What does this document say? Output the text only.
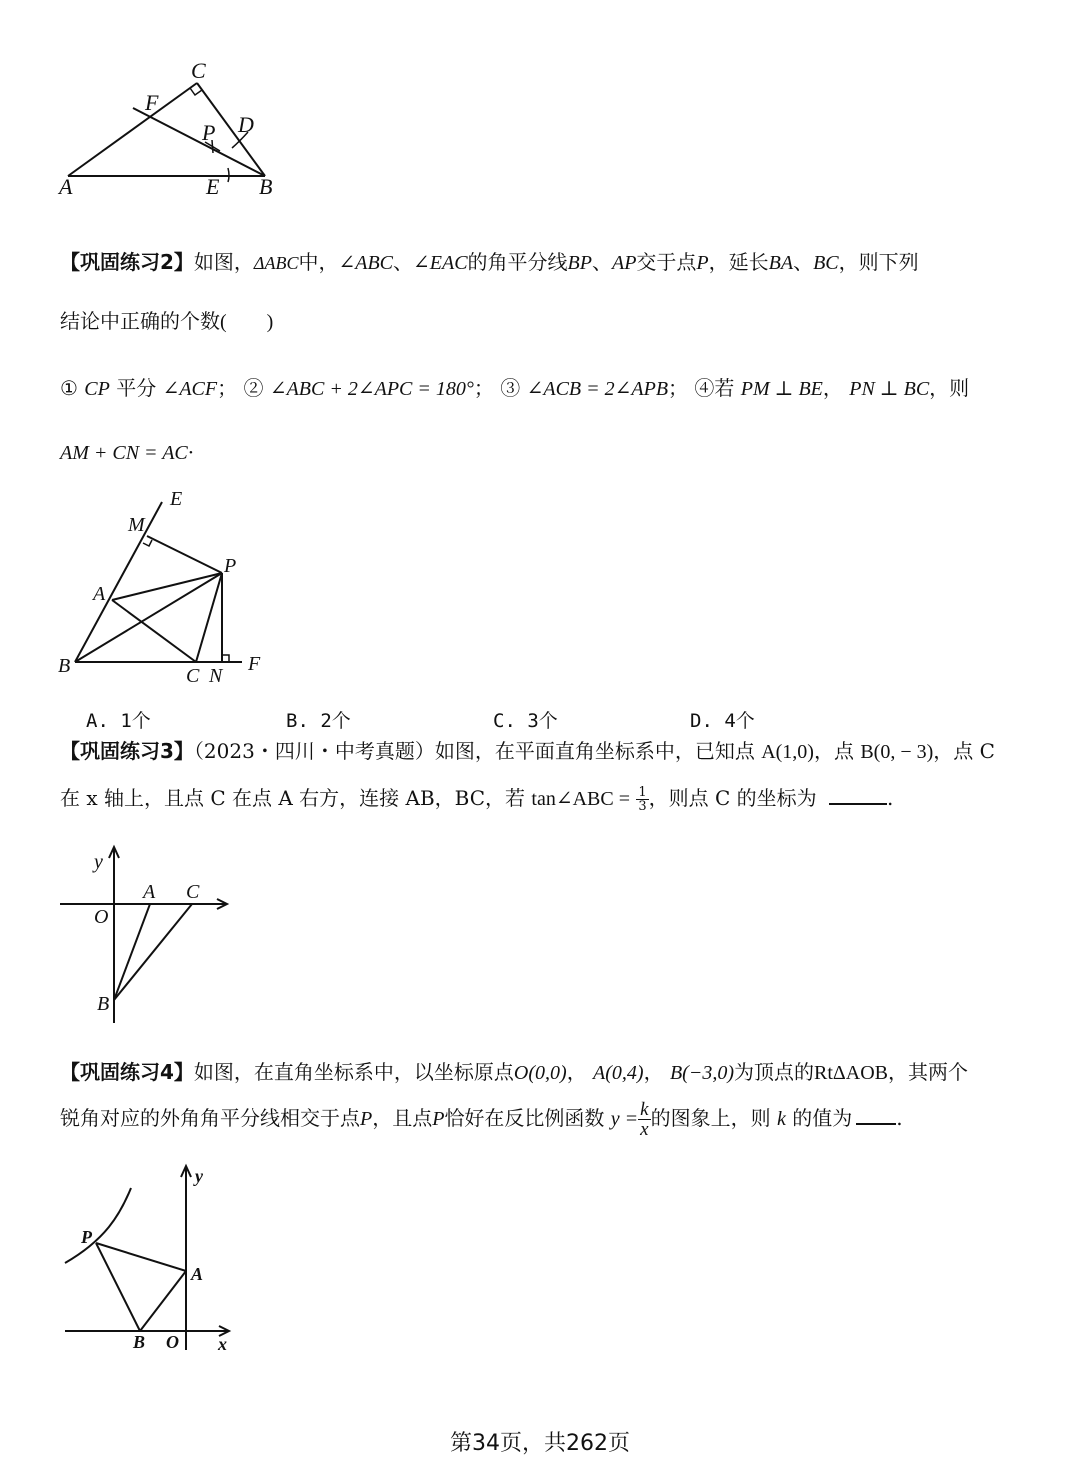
C
F
P D
A	E B
【巩固练习2】如图，ΔABC中，∠ABC、∠EAC的角平分线BP、AP交于点P，延长BA、BC，则下列
结论中正确的个数(　　)
① CP 平分 ∠ACF； ② ∠ABC + 2∠APC = 180°； ③ ∠ACB = 2∠APB； ④若 PM ⊥ BE， PN ⊥ BC，则
AM + CN = AC·
E
M
P
A
B	C N
F
A. 1个	B. 2个	C. 3个	D. 4个
【巩固练习3】（2023・四川・中考真题）如图，在平面直角坐标系中，已知点 A(1,0)，点 B(0, − 3)，点 C
在 x 轴上，且点 C 在点 A 右方，连接 AB，BC，若 tan∠ABC = $\frac{1}{3}$ ，则点 C 的坐标为	.
y
A C
O
B
【巩固练习4】如图，在直角坐标系中，以坐标原点O(0,0)， A(0,4)， B(−3,0)为顶点的RtΔAOB，其两个
锐角对应的外角角平分线相交于点P，且点P恰好在反比例函数 $y = \frac{k}{x}$ 的图象上，则 k 的值为 .
y
P
A
B O x
第34页，共262页
